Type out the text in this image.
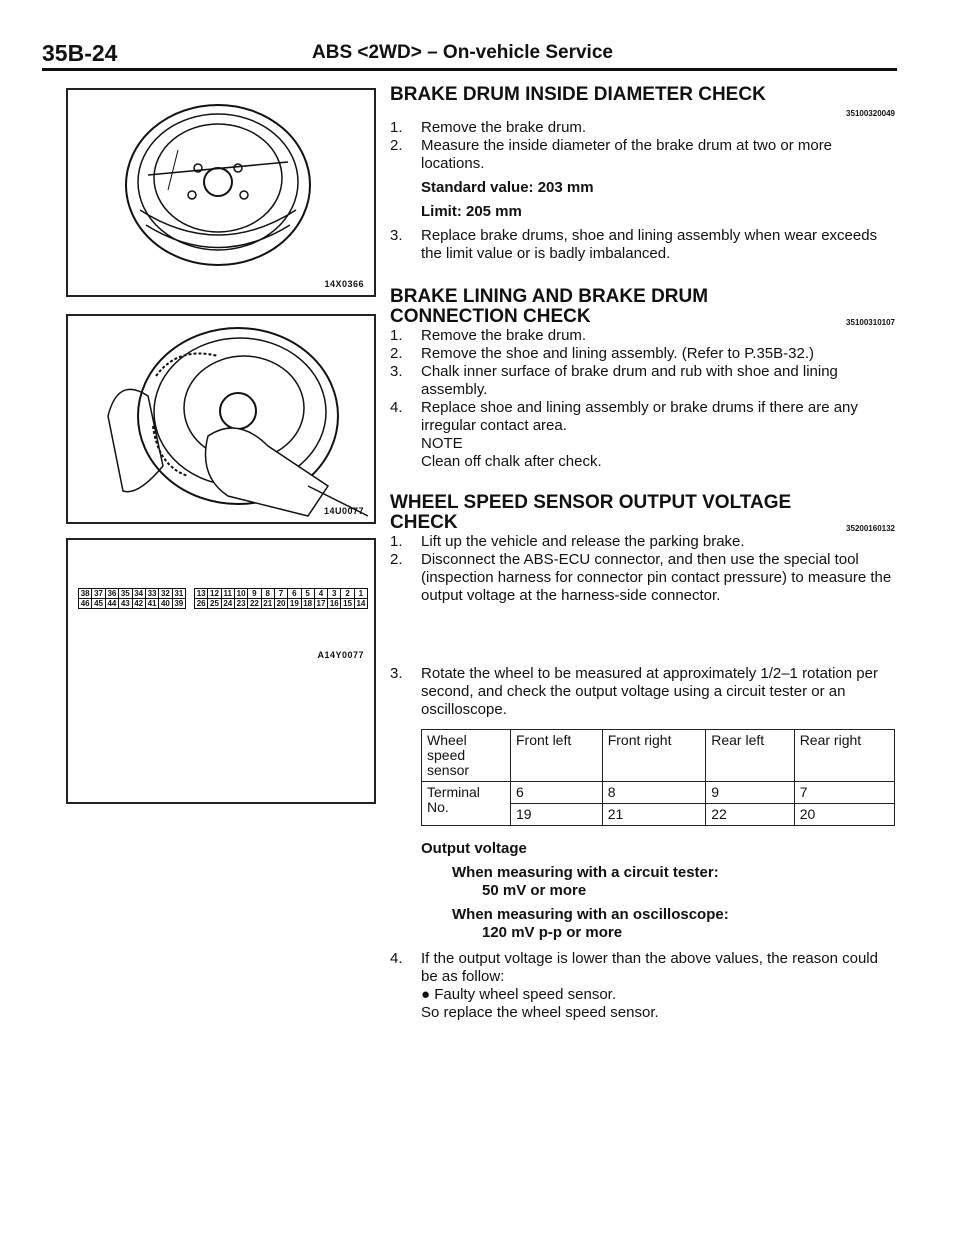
35B-24	ABS <2WD> – On-vehicle Service
14X0366
14U0077
38 37 36 35 34 33 32 31
46 45 44 43 42 41 40 39
13 12 11 10 9	8	7	6	5	4	3	2	1
26 25 24 23 22 21 20 19 18 17 16 15 14
A14Y0077
BRAKE DRUM INSIDE DIAMETER CHECK
35100320049
1. Remove the brake drum.
2. Measure the inside diameter of the brake drum at two or more locations.
Standard value: 203 mm
Limit: 205 mm
3. Replace brake drums, shoe and lining assembly when wear exceeds the limit value or is badly imbalanced.
BRAKE LINING AND BRAKE DRUM
CONNECTION CHECK	35100310107
1. Remove the brake drum.
2. Remove the shoe and lining assembly. (Refer to P.35B-32.)
3. Chalk inner surface of brake drum and rub with shoe and lining assembly.
4. Replace shoe and lining assembly or brake drums if there are any irregular contact area.
NOTE
Clean off chalk after check.
WHEEL SPEED SENSOR OUTPUT VOLTAGE
CHECK	35200160132
1. Lift up the vehicle and release the parking brake.
2. Disconnect the ABS-ECU connector, and then use the special tool (inspection harness for connector pin contact pressure) to measure the output voltage at the harness-side connector.
3. Rotate the wheel to be measured at approximately 1/2–1 rotation per second, and check the output voltage using a circuit tester or an oscilloscope.
Wheel speed sensor	Front left	Front right	Rear left	Rear right
Terminal No.	6	8	9	7
	19	21	22	20
Output voltage
When measuring with a circuit tester:
50 mV or more
When measuring with an oscilloscope:
120 mV p-p or more
4. If the output voltage is lower than the above values, the reason could be as follow:
● Faulty wheel speed sensor.
So replace the wheel speed sensor.
